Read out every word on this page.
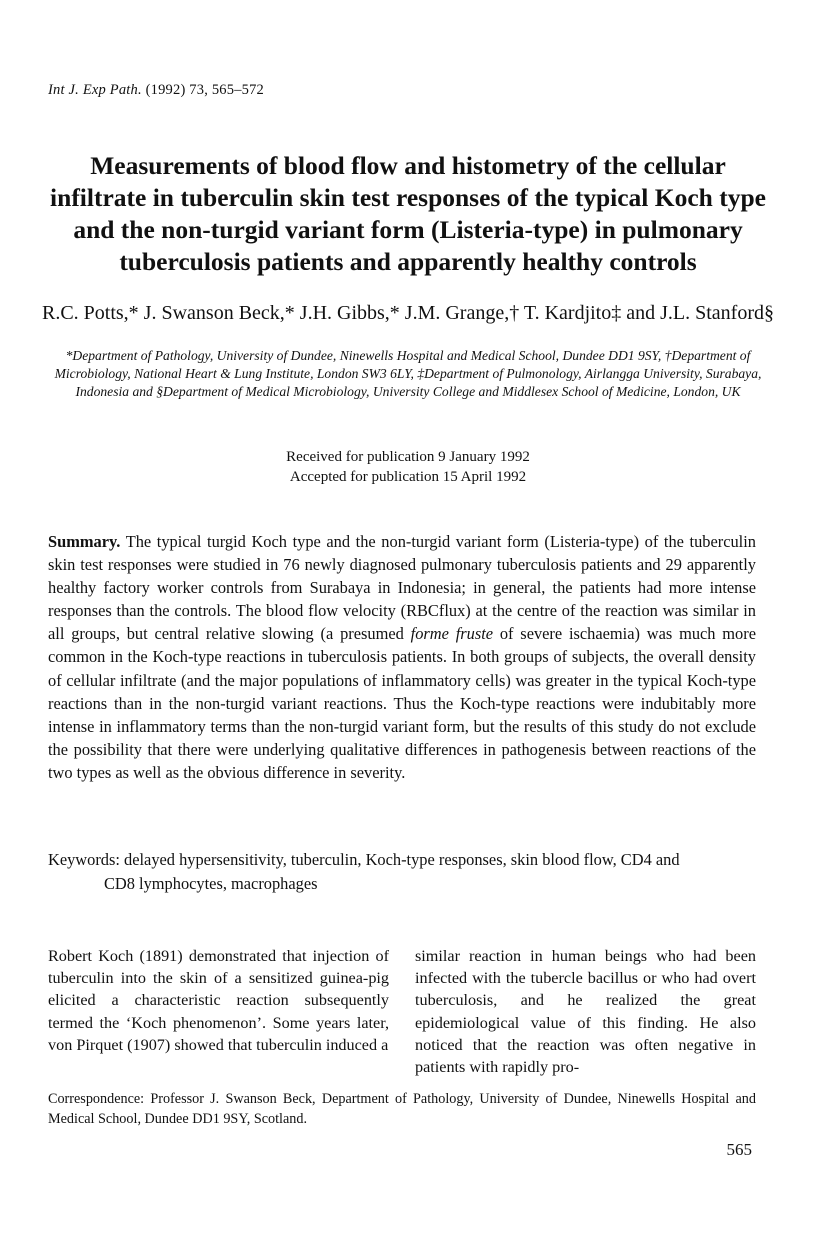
Int J. Exp Path. (1992) 73, 565–572
Measurements of blood flow and histometry of the cellular infiltrate in tuberculin skin test responses of the typical Koch type and the non-turgid variant form (Listeria-type) in pulmonary tuberculosis patients and apparently healthy controls
R.C. Potts,* J. Swanson Beck,* J.H. Gibbs,* J.M. Grange,† T. Kardjito‡ and J.L. Stanford§
*Department of Pathology, University of Dundee, Ninewells Hospital and Medical School, Dundee DD1 9SY, †Department of Microbiology, National Heart & Lung Institute, London SW3 6LY, ‡Department of Pulmonology, Airlangga University, Surabaya, Indonesia and §Department of Medical Microbiology, University College and Middlesex School of Medicine, London, UK
Received for publication 9 January 1992
Accepted for publication 15 April 1992
Summary. The typical turgid Koch type and the non-turgid variant form (Listeria-type) of the tuberculin skin test responses were studied in 76 newly diagnosed pulmonary tuberculosis patients and 29 apparently healthy factory worker controls from Surabaya in Indonesia; in general, the patients had more intense responses than the controls. The blood flow velocity (RBCflux) at the centre of the reaction was similar in all groups, but central relative slowing (a presumed forme fruste of severe ischaemia) was much more common in the Koch-type reactions in tuberculosis patients. In both groups of subjects, the overall density of cellular infiltrate (and the major populations of inflammatory cells) was greater in the typical Koch-type reactions than in the non-turgid variant reactions. Thus the Koch-type reactions were indubitably more intense in inflammatory terms than the non-turgid variant form, but the results of this study do not exclude the possibility that there were underlying qualitative differences in pathogenesis between reactions of the two types as well as the obvious difference in severity.
Keywords: delayed hypersensitivity, tuberculin, Koch-type responses, skin blood flow, CD4 and
CD8 lymphocytes, macrophages
Robert Koch (1891) demonstrated that injection of tuberculin into the skin of a sensitized guinea-pig elicited a characteristic reaction subsequently termed the ‘Koch phenomenon’. Some years later, von Pirquet (1907) showed that tuberculin induced a
similar reaction in human beings who had been infected with the tubercle bacillus or who had overt tuberculosis, and he realized the great epidemiological value of this finding. He also noticed that the reaction was often negative in patients with rapidly pro-
Correspondence: Professor J. Swanson Beck, Department of Pathology, University of Dundee, Ninewells Hospital and Medical School, Dundee DD1 9SY, Scotland.
565
